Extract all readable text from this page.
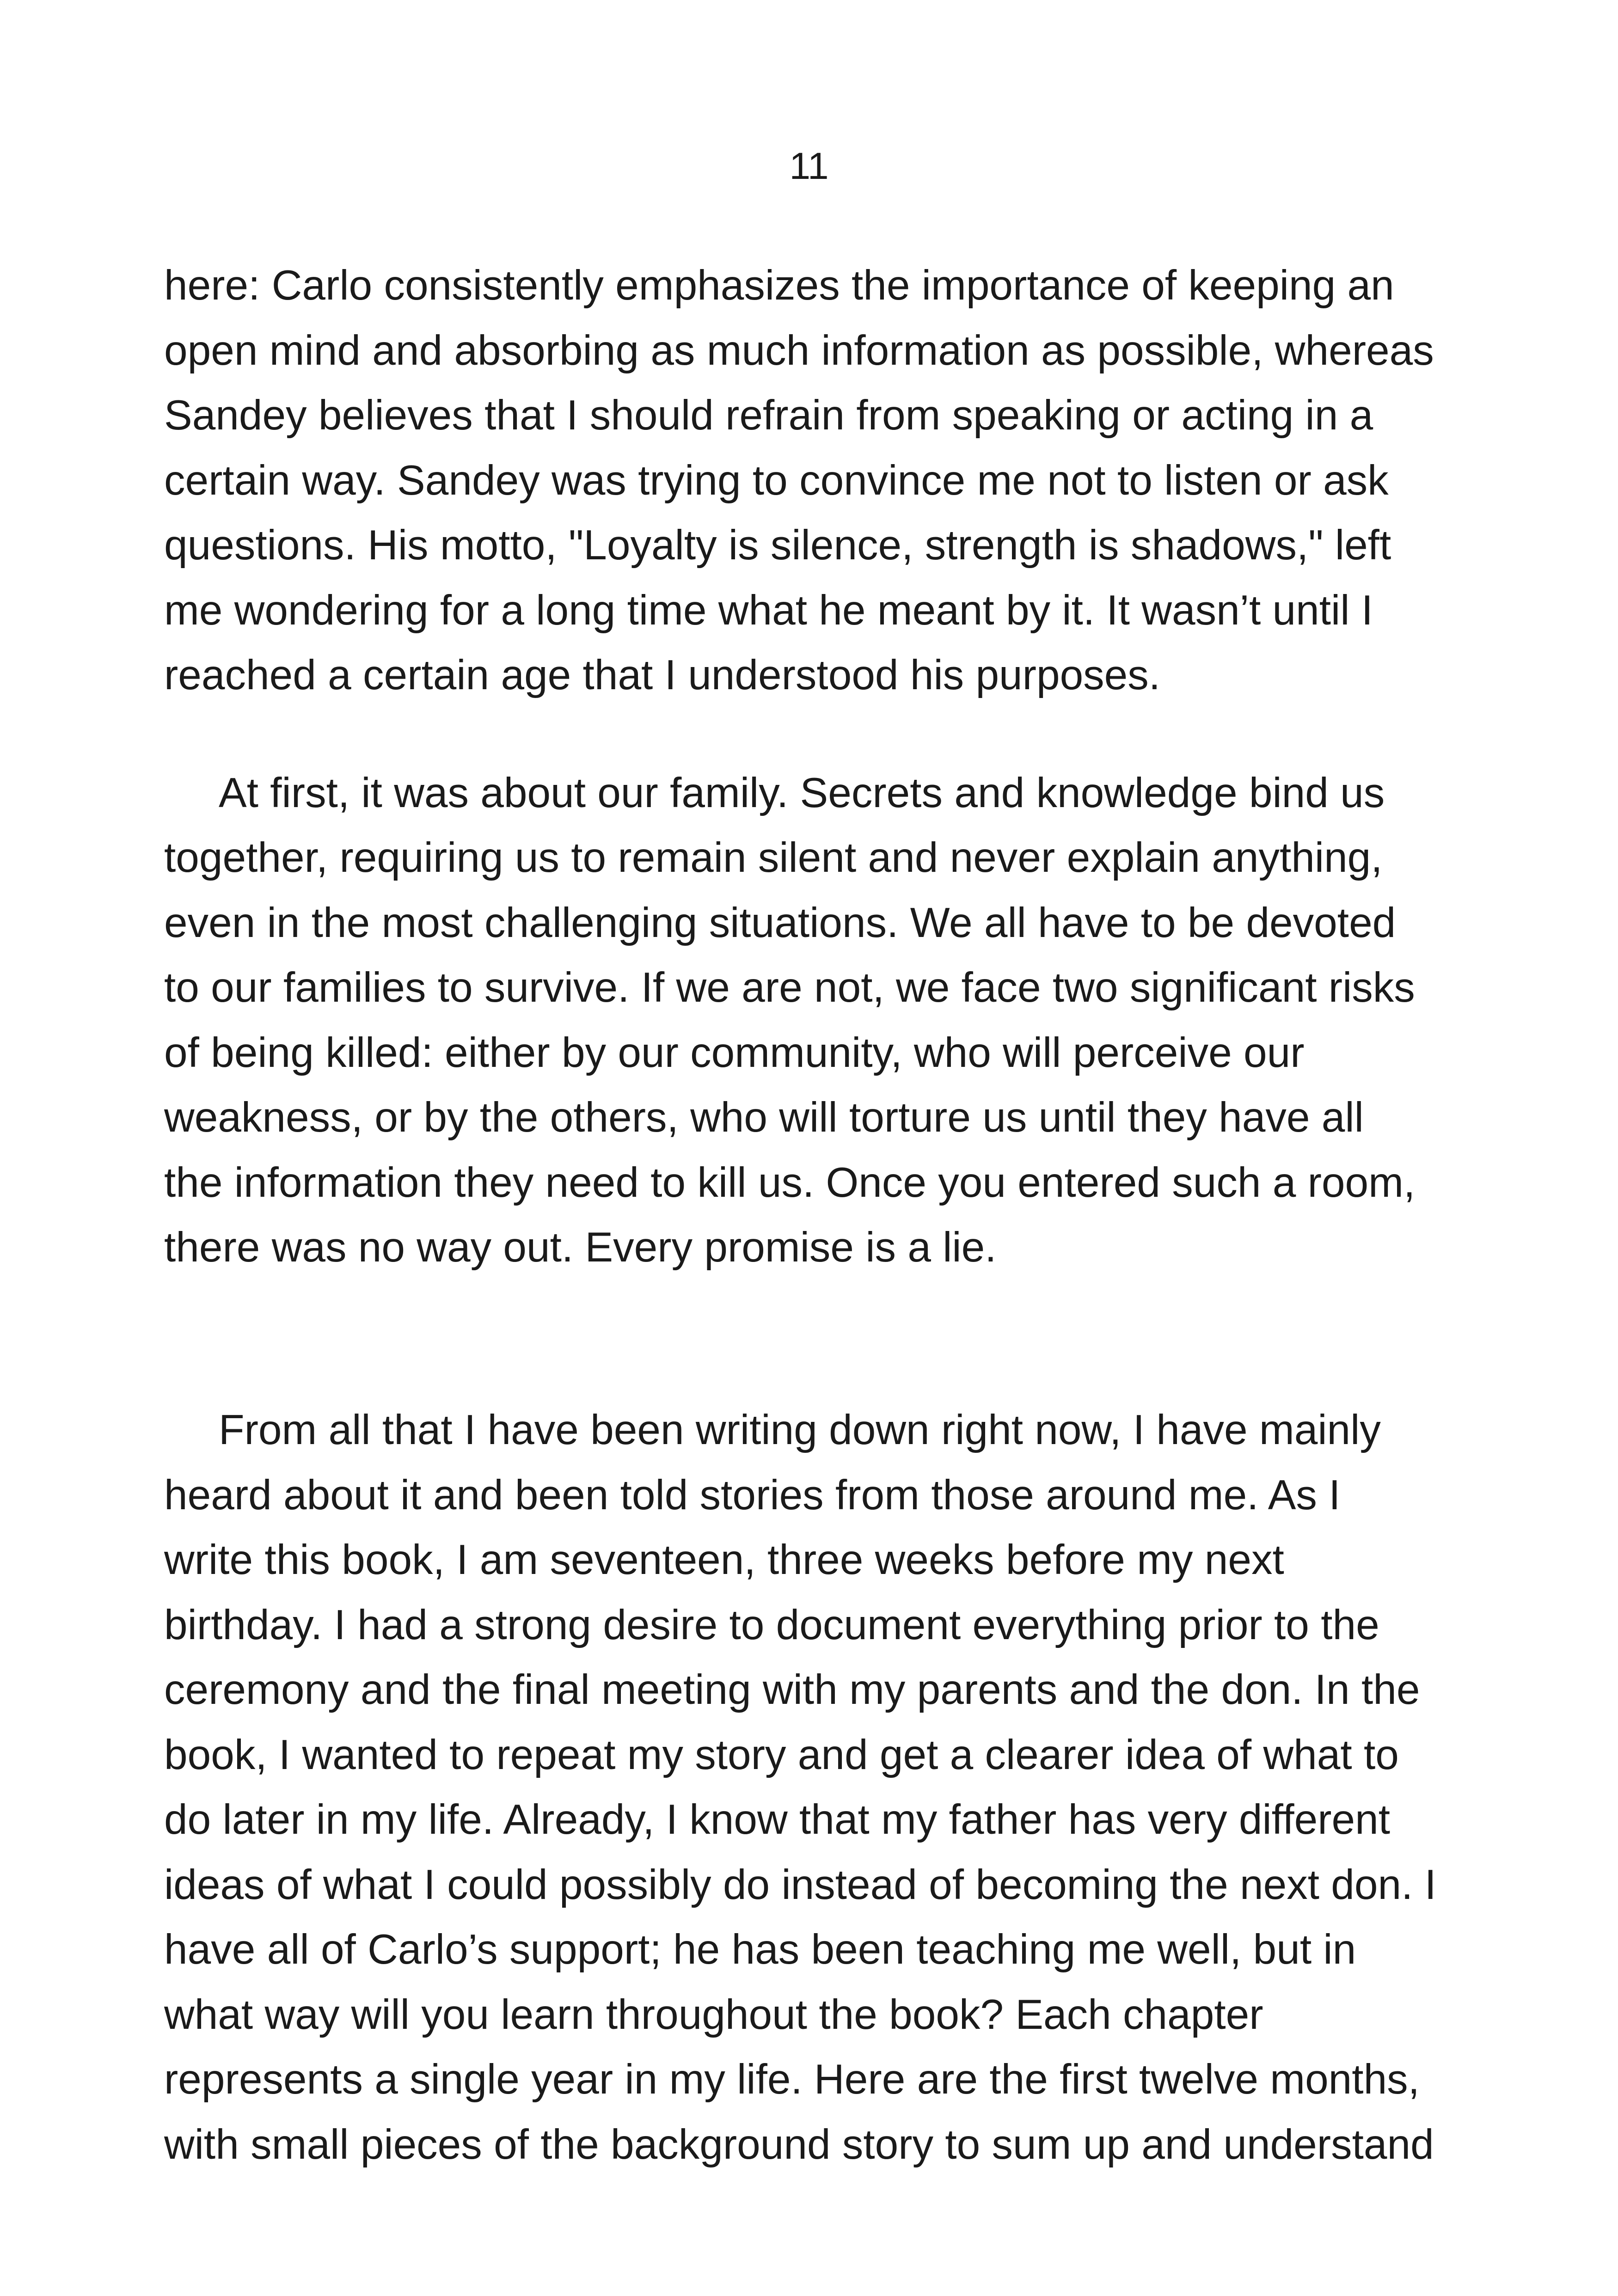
11

here: Carlo consistently emphasizes the importance of keeping an
open mind and absorbing as much information as possible, whereas
Sandey believes that I should refrain from speaking or acting in a
certain way. Sandey was trying to convince me not to listen or ask
questions. His motto, "Loyalty is silence, strength is shadows," left
me wondering for a long time what he meant by it. It wasn’t until I
reached a certain age that I understood his purposes.

At first, it was about our family. Secrets and knowledge bind us
together, requiring us to remain silent and never explain anything,
even in the most challenging situations. We all have to be devoted
to our families to survive. If we are not, we face two significant risks
of being killed: either by our community, who will perceive our
weakness, or by the others, who will torture us until they have all
the information they need to kill us. Once you entered such a room,
there was no way out. Every promise is a lie.

From all that I have been writing down right now, I have mainly
heard about it and been told stories from those around me. As I
write this book, I am seventeen, three weeks before my next
birthday. I had a strong desire to document everything prior to the
ceremony and the final meeting with my parents and the don. In the
book, I wanted to repeat my story and get a clearer idea of what to
do later in my life. Already, I know that my father has very different
ideas of what I could possibly do instead of becoming the next don. I
have all of Carlo’s support; he has been teaching me well, but in
what way will you learn throughout the book? Each chapter
represents a single year in my life. Here are the first twelve months,
with small pieces of the background story to sum up and understand
